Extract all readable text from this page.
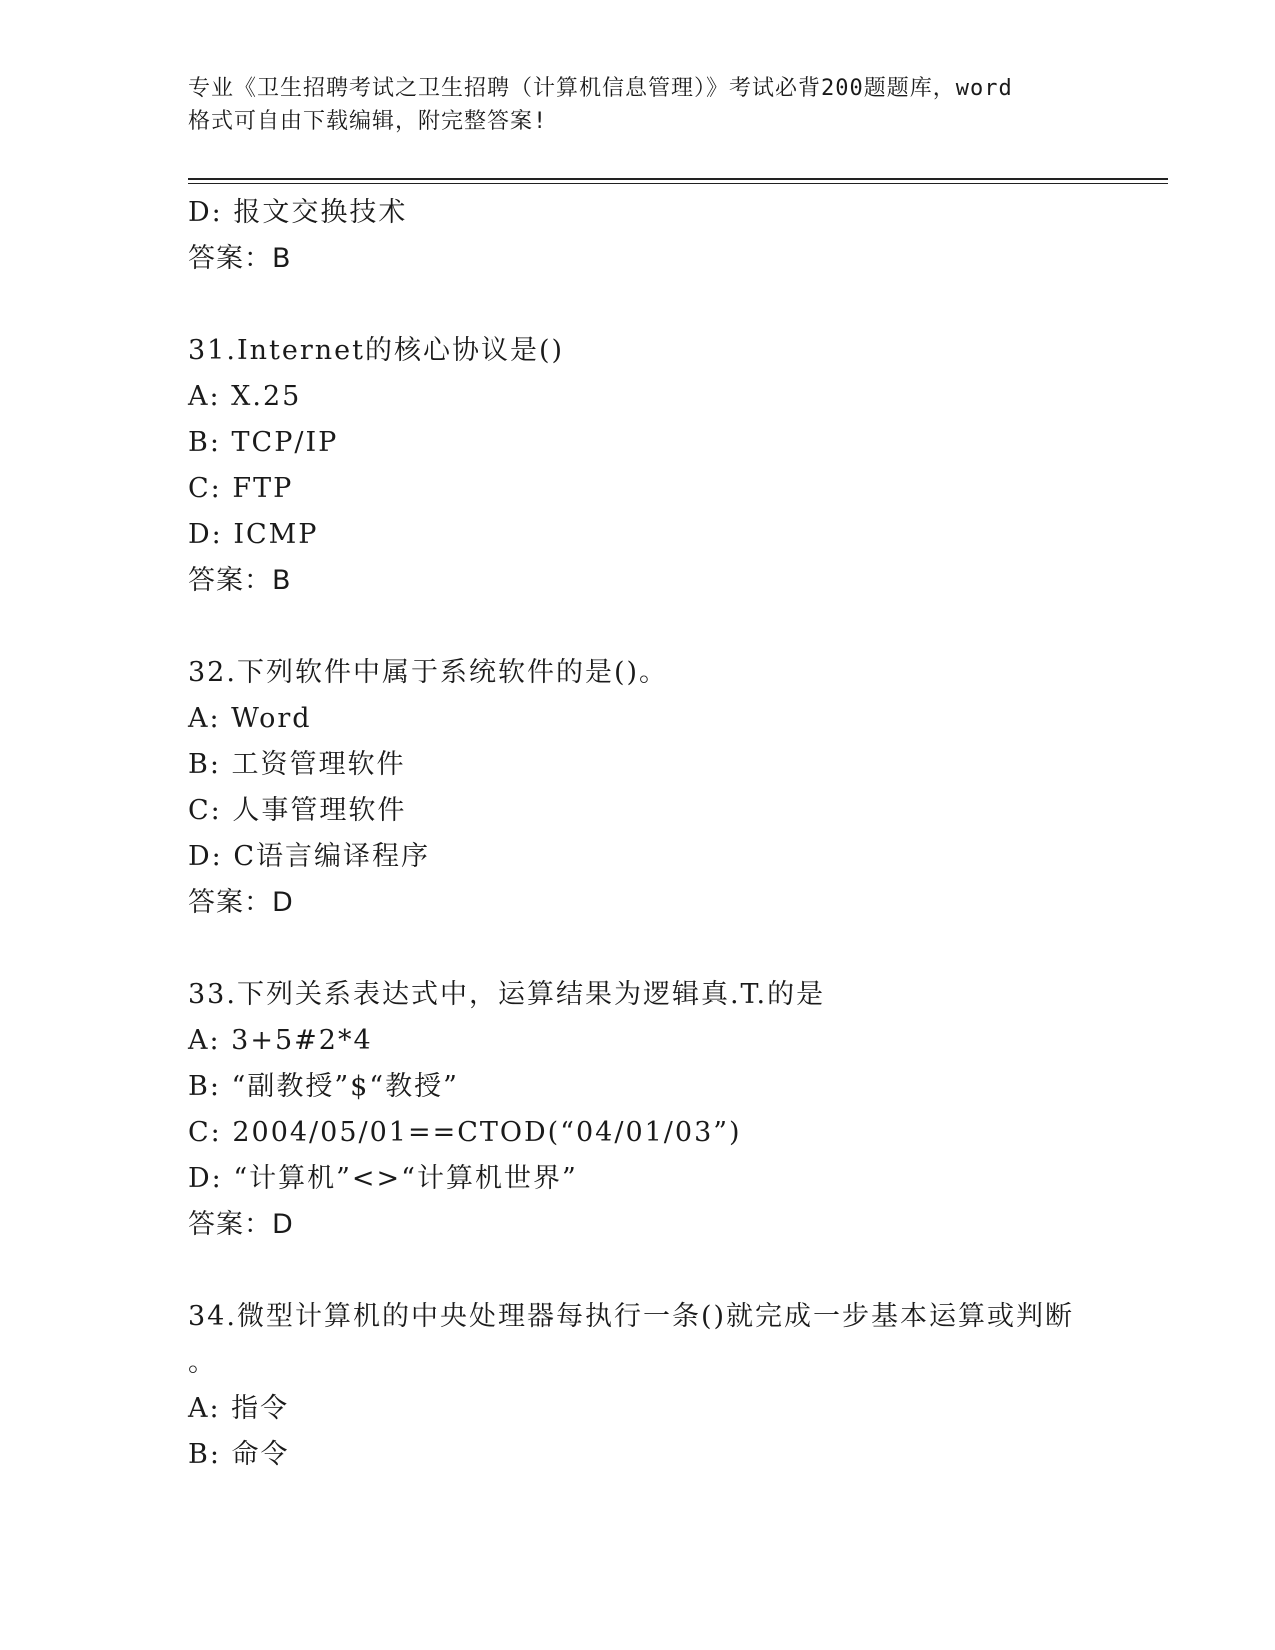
专业《卫生招聘考试之卫生招聘（计算机信息管理）》考试必背200题题库，word
格式可自由下载编辑，附完整答案!
D: 报文交换技术
答案：B
31.Internet的核心协议是()
A: X.25
B: TCP/IP
C: FTP
D: ICMP
答案：B
32.下列软件中属于系统软件的是()。
A: Word
B: 工资管理软件
C: 人事管理软件
D: C语言编译程序
答案：D
33.下列关系表达式中，运算结果为逻辑真.T.的是
A: 3+5#2*4
B: “副教授”$“教授”
C: 2004/05/01==CTOD(“04/01/03”)
D: “计算机”<>“计算机世界”
答案：D
34.微型计算机的中央处理器每执行一条()就完成一步基本运算或判断
。
A: 指令
B: 命令
